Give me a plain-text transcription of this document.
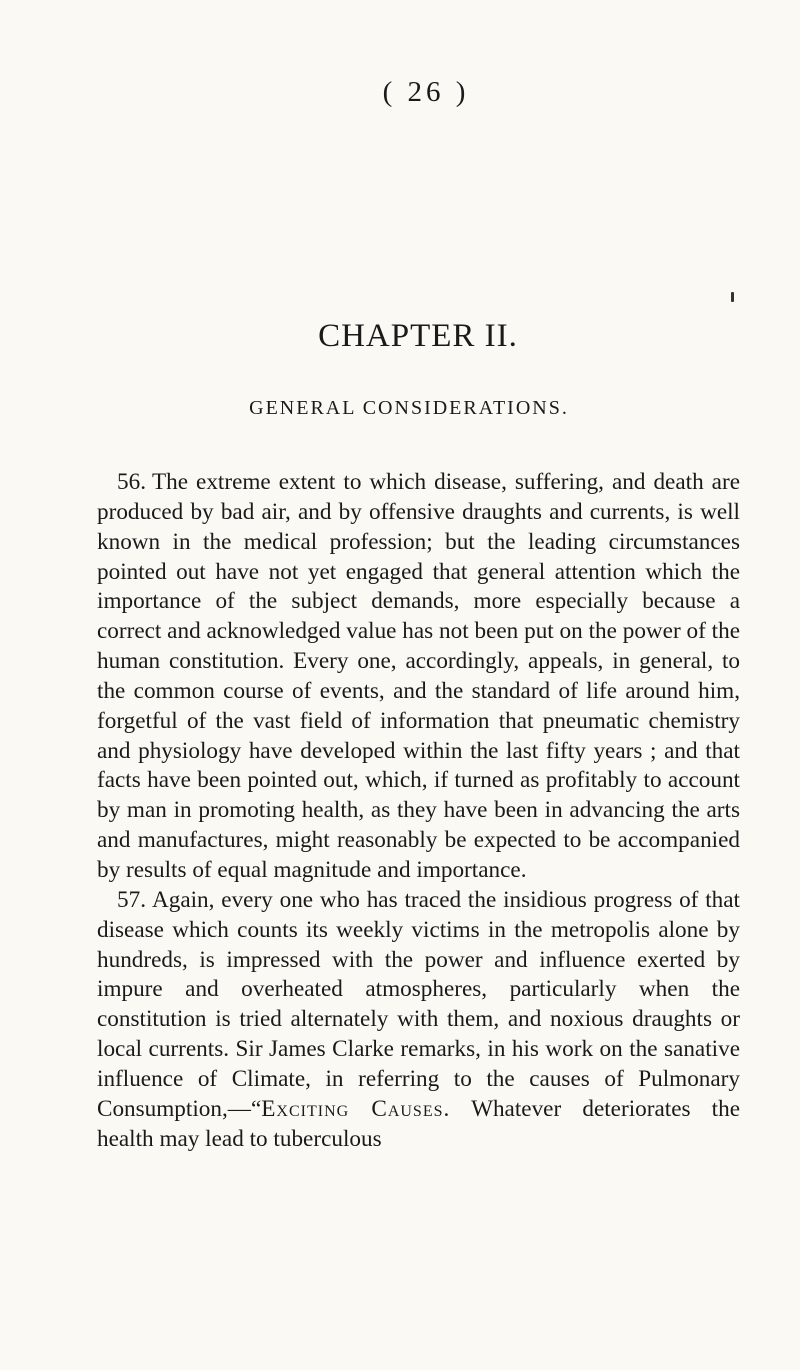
( 26 )
CHAPTER II.
GENERAL CONSIDERATIONS.

56. The extreme extent to which disease, suffering, and death are produced by bad air, and by offensive draughts and currents, is well known in the medical profession; but the leading circumstances pointed out have not yet engaged that general attention which the importance of the subject demands, more especially because a correct and acknowledged value has not been put on the power of the human constitution. Every one, accordingly, appeals, in general, to the common course of events, and the standard of life around him, forgetful of the vast field of information that pneumatic chemistry and physiology have developed within the last fifty years ; and that facts have been pointed out, which, if turned as profitably to account by man in promoting health, as they have been in advancing the arts and manufactures, might reasonably be expected to be accompanied by results of equal magnitude and importance.

57. Again, every one who has traced the insidious progress of that disease which counts its weekly victims in the metropolis alone by hundreds, is impressed with the power and influence exerted by impure and overheated atmospheres, particularly when the constitution is tried alternately with them, and noxious draughts or local currents. Sir James Clarke remarks, in his work on the sanative influence of Climate, in referring to the causes of Pulmonary Consumption,—“Exciting Causes. Whatever deteriorates the health may lead to tuberculous
